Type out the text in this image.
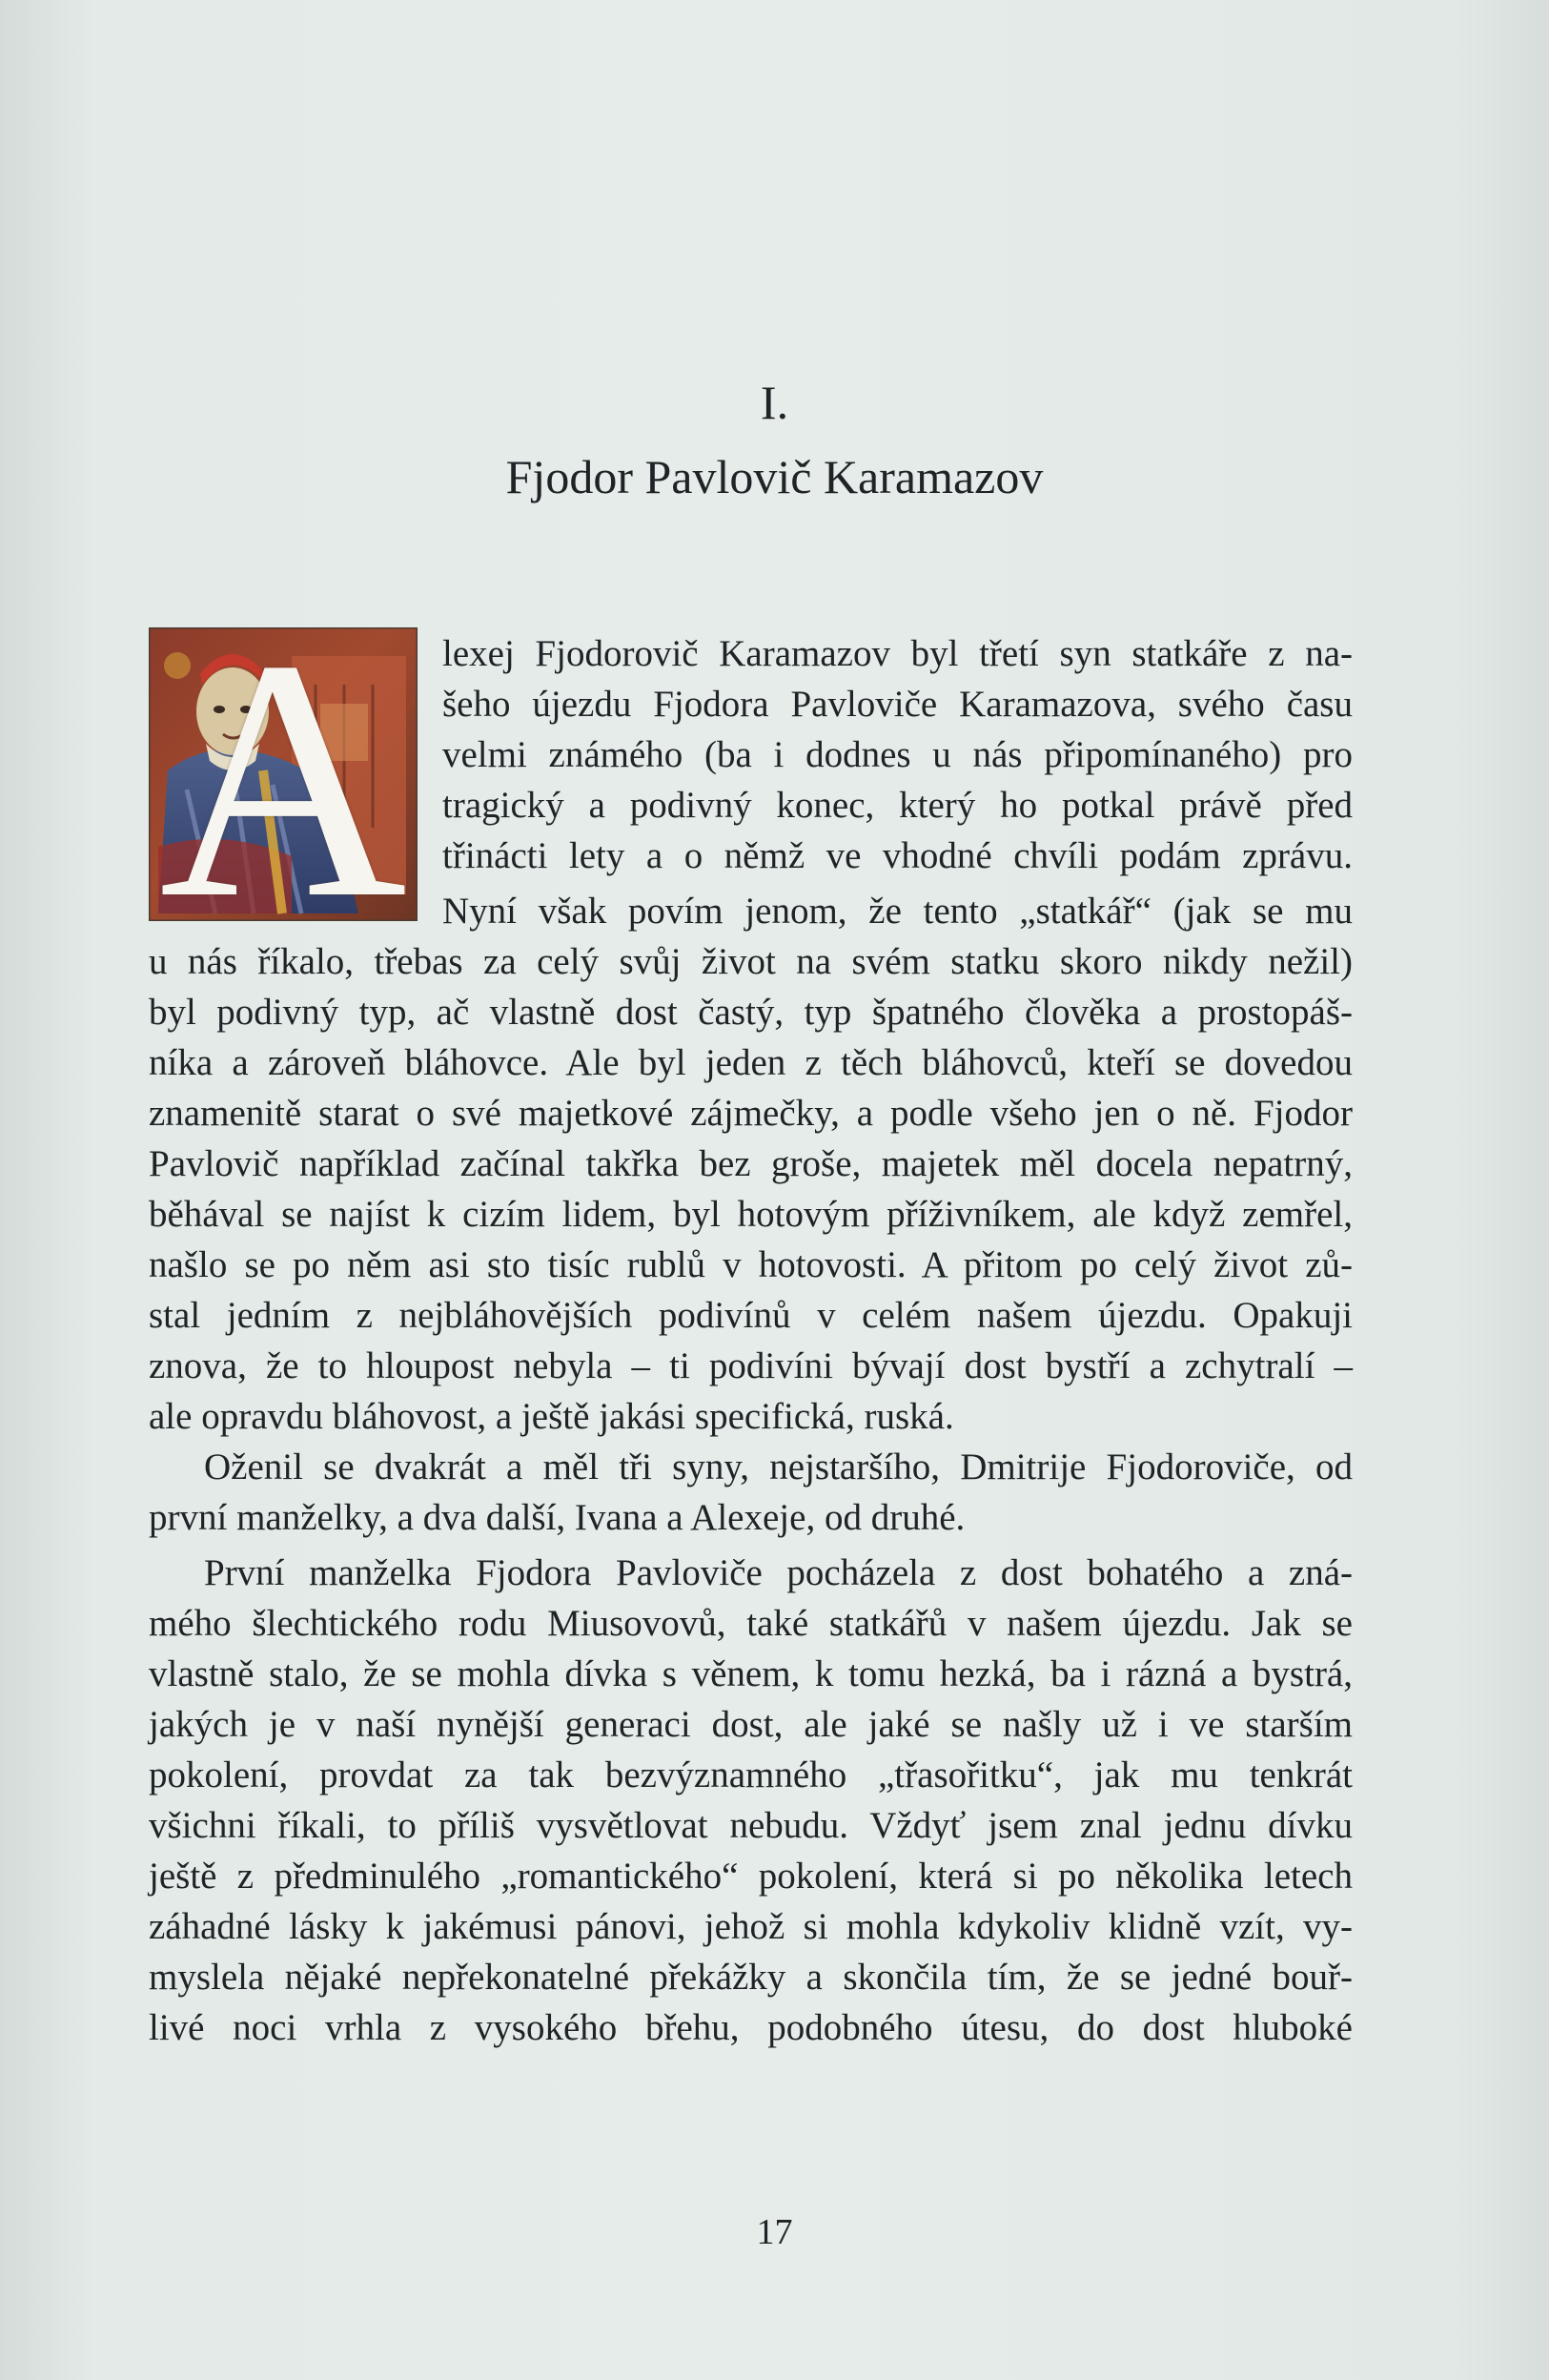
I.
Fjodor Pavlovič Karamazov
A lexej Fjodorovič Karamazov byl třetí syn statkáře z na-
šeho újezdu Fjodora Pavloviče Karamazova, svého času
velmi známého (ba i dodnes u nás připomínaného) pro
tragický a podivný konec, který ho potkal právě před
třinácti lety a o němž ve vhodné chvíli podám zprávu.
Nyní však povím jenom, že tento „statkář“ (jak se mu
u nás říkalo, třebas za celý svůj život na svém statku skoro nikdy nežil)
byl podivný typ, ač vlastně dost častý, typ špatného člověka a prostopáš-
níka a zároveň bláhovce. Ale byl jeden z těch bláhovců, kteří se dovedou
znamenitě starat o své majetkové zájmečky, a podle všeho jen o ně. Fjodor
Pavlovič například začínal takřka bez groše, majetek měl docela nepatrný,
běhával se najíst k cizím lidem, byl hotovým příživníkem, ale když zemřel,
našlo se po něm asi sto tisíc rublů v hotovosti. A přitom po celý život zů-
stal jedním z nejbláhovějších podivínů v celém našem újezdu. Opakuji
znova, že to hloupost nebyla – ti podivíni bývají dost bystří a zchytralí –
ale opravdu bláhovost, a ještě jakási specifická, ruská.
Oženil se dvakrát a měl tři syny, nejstaršího, Dmitrije Fjodoroviče, od
první manželky, a dva další, Ivana a Alexeje, od druhé.
První manželka Fjodora Pavloviče pocházela z dost bohatého a zná-
mého šlechtického rodu Miusovovů, také statkářů v našem újezdu. Jak se
vlastně stalo, že se mohla dívka s věnem, k tomu hezká, ba i rázná a bystrá,
jakých je v naší nynější generaci dost, ale jaké se našly už i ve starším
pokolení, provdat za tak bezvýznamného „třasořitku“, jak mu tenkrát
všichni říkali, to příliš vysvětlovat nebudu. Vždyť jsem znal jednu dívku
ještě z předminulého „romantického“ pokolení, která si po několika letech
záhadné lásky k jakémusi pánovi, jehož si mohla kdykoliv klidně vzít, vy-
myslela nějaké nepřekonatelné překážky a skončila tím, že se jedné bouř-
livé noci vrhla z vysokého břehu, podobného útesu, do dost hluboké
17
